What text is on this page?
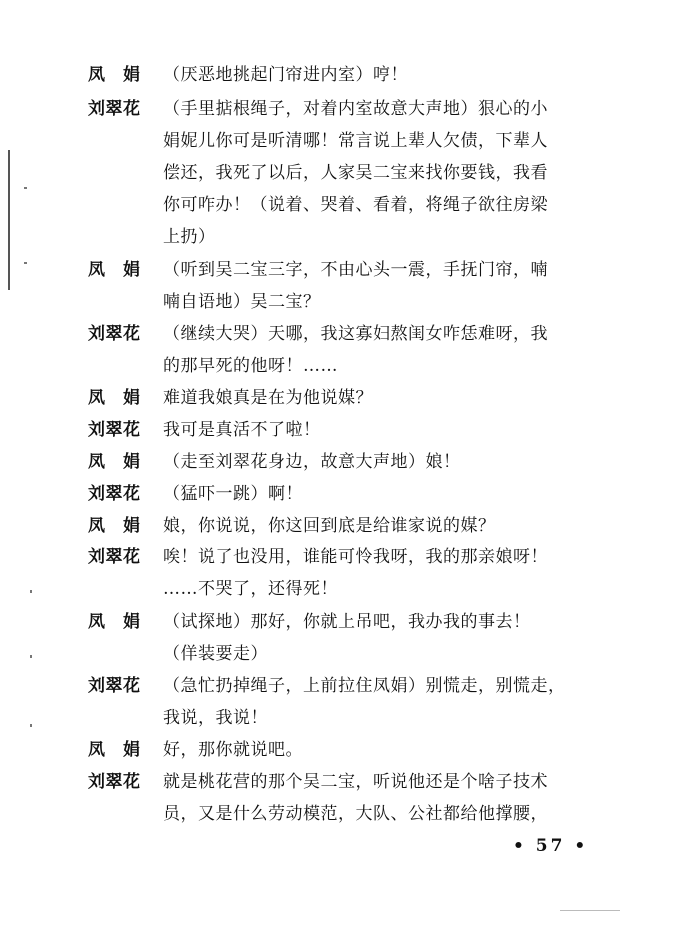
凤　娟 （厌恶地挑起门帘进内室）哼！
刘翠花 （手里掂根绳子，对着内室故意大声地）狠心的小
娟妮儿你可是听清哪！常言说上辈人欠债，下辈人
偿还，我死了以后，人家吴二宝来找你要钱，我看
你可咋办！（说着、哭着、看着，将绳子欲往房梁
上扔）
凤　娟 （听到吴二宝三字，不由心头一震，手抚门帘，喃
喃自语地）吴二宝？
刘翠花 （继续大哭）天哪，我这寡妇熬闺女咋恁难呀，我
的那早死的他呀！……
凤　娟 难道我娘真是在为他说媒？
刘翠花 我可是真活不了啦！
凤　娟 （走至刘翠花身边，故意大声地）娘！
刘翠花 （猛吓一跳）啊！
凤　娟 娘，你说说，你这回到底是给谁家说的媒？
刘翠花 唉！说了也没用，谁能可怜我呀，我的那亲娘呀！
……不哭了，还得死！
凤　娟 （试探地）那好，你就上吊吧，我办我的事去！
（佯装要走）
刘翠花 （急忙扔掉绳子，上前拉住凤娟）别慌走，别慌走，
我说，我说！
凤　娟 好，那你就说吧。
刘翠花 就是桃花营的那个吴二宝，听说他还是个啥子技术
员，又是什么劳动模范，大队、公社都给他撑腰，
• 57 •
